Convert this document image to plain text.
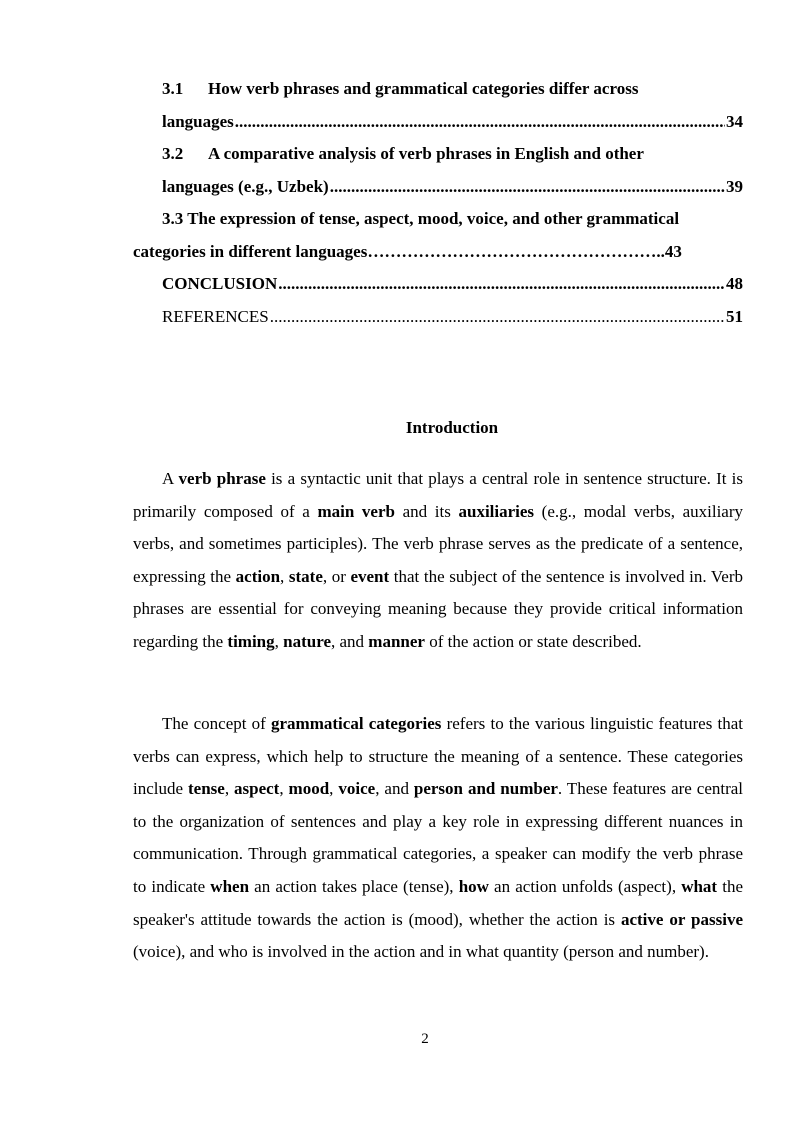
3.1 How verb phrases and grammatical categories differ across
languages .....	34
3.2 A comparative analysis of verb phrases in English and other
languages (e.g., Uzbek) .....	39
3.3 The expression of tense, aspect, mood, voice, and other grammatical
categories in different languages……………………………………………..43
CONCLUSION .....	48
REFERENCES .....	51
Introduction

A verb phrase is a syntactic unit that plays a central role in sentence structure. It is primarily composed of a main verb and its auxiliaries (e.g., modal verbs, auxiliary verbs, and sometimes participles). The verb phrase serves as the predicate of a sentence, expressing the action, state, or event that the subject of the sentence is involved in. Verb phrases are essential for conveying meaning because they provide critical information regarding the timing, nature, and manner of the action or state described.

The concept of grammatical categories refers to the various linguistic features that verbs can express, which help to structure the meaning of a sentence. These categories include tense, aspect, mood, voice, and person and number. These features are central to the organization of sentences and play a key role in expressing different nuances in communication. Through grammatical categories, a speaker can modify the verb phrase to indicate when an action takes place (tense), how an action unfolds (aspect), what the speaker's attitude towards the action is (mood), whether the action is active or passive (voice), and who is involved in the action and in what quantity (person and number).

2
